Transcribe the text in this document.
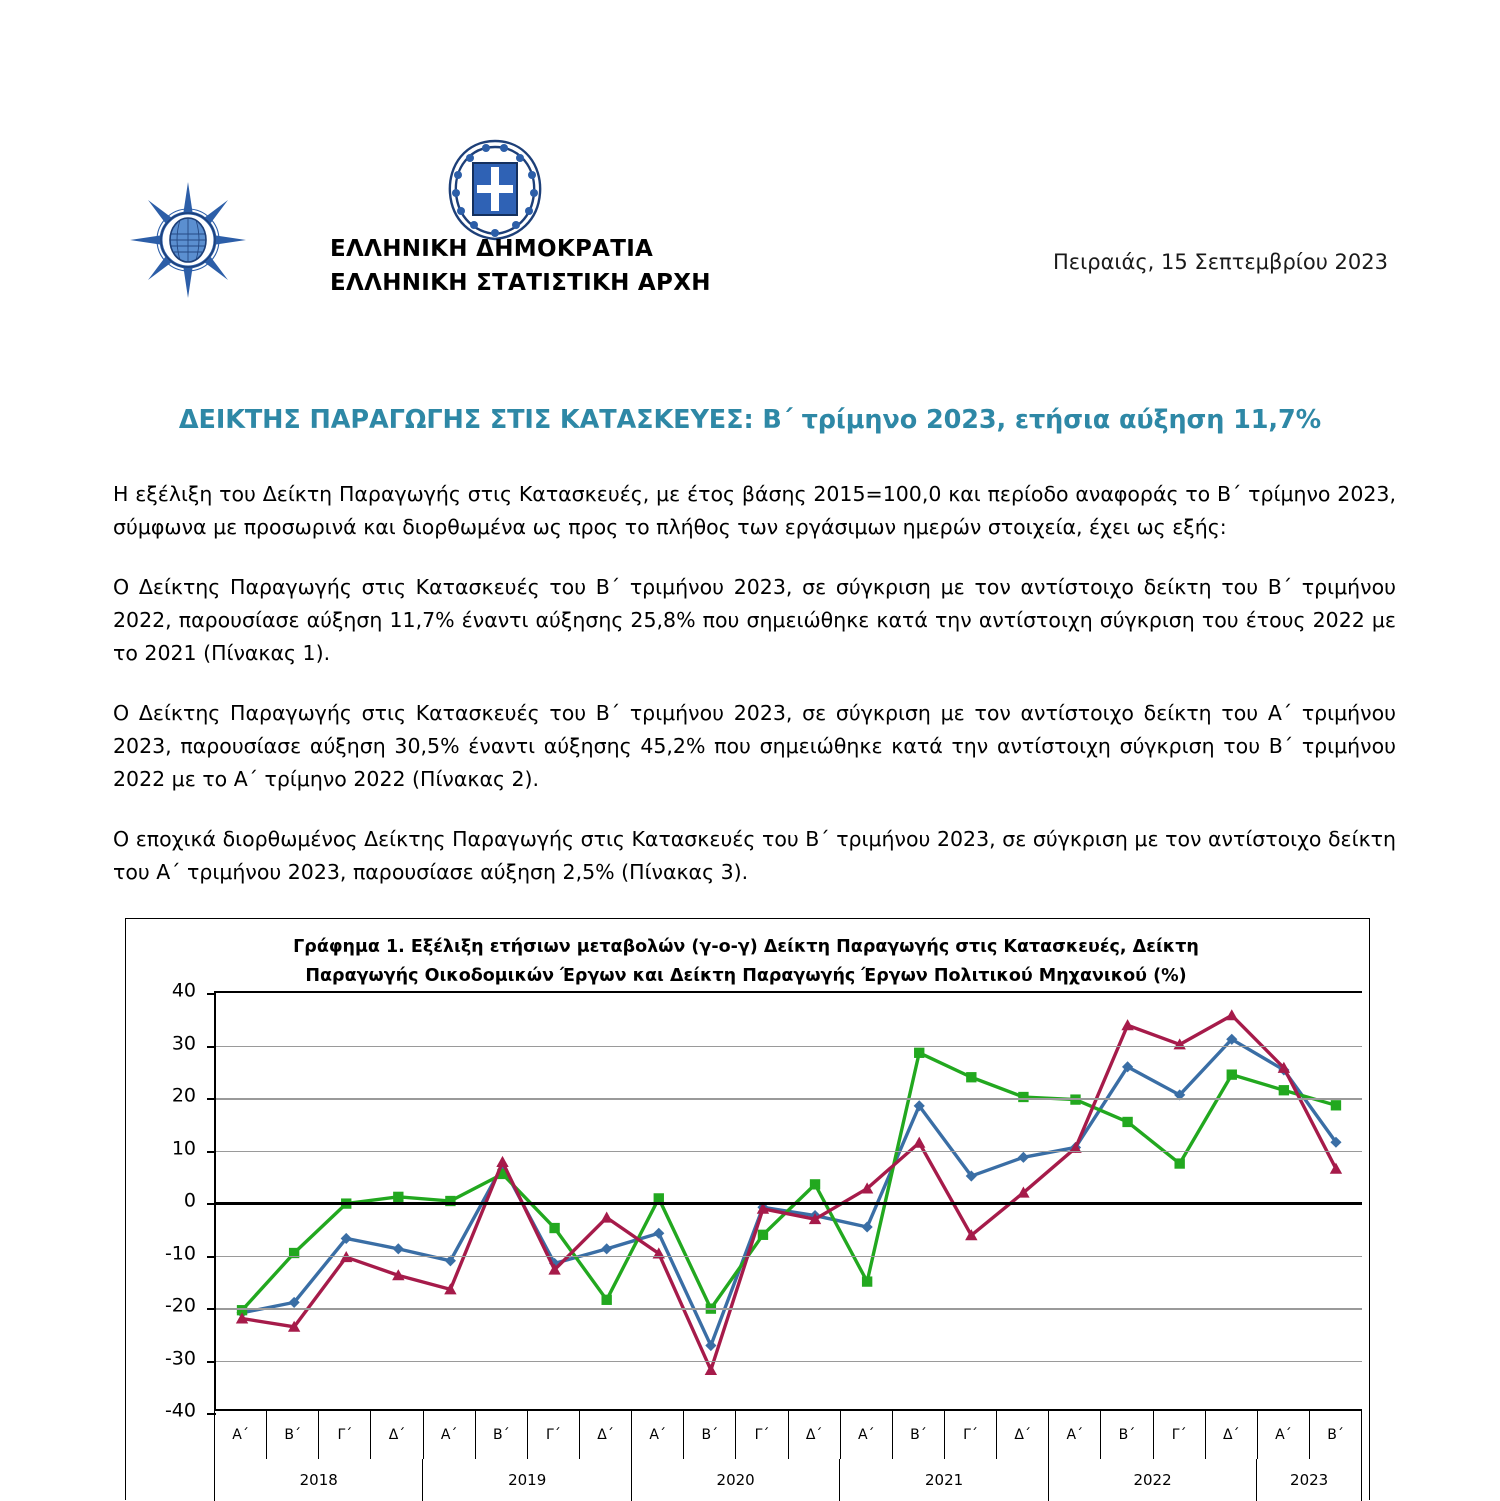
ΕΛΛΗΝΙΚΗ ΔΗΜΟΚΡΑΤΙΑ
ΕΛΛΗΝΙΚΗ ΣΤΑΤΙΣΤΙΚΗ ΑΡΧΗ
Πειραιάς, 15 Σεπτεμβρίου 2023
ΔΕΙΚΤΗΣ ΠΑΡΑΓΩΓΗΣ ΣΤΙΣ ΚΑΤΑΣΚΕΥΕΣ: Β΄ τρίμηνο 2023, ετήσια αύξηση 11,7%

Η εξέλιξη του Δείκτη Παραγωγής στις Κατασκευές, με έτος βάσης 2015=100,0 και περίοδο αναφοράς το Β΄ τρίμηνο 2023, σύμφωνα με προσωρινά και διορθωμένα ως προς το πλήθος των εργάσιμων ημερών στοιχεία, έχει ως εξής:

Ο Δείκτης Παραγωγής στις Κατασκευές του Β΄ τριμήνου 2023, σε σύγκριση με τον αντίστοιχο δείκτη του Β΄ τριμήνου 2022, παρουσίασε αύξηση 11,7% έναντι αύξησης 25,8% που σημειώθηκε κατά την αντίστοιχη σύγκριση του έτους 2022 με το 2021 (Πίνακας 1).

Ο Δείκτης Παραγωγής στις Κατασκευές του Β΄ τριμήνου 2023, σε σύγκριση με τον αντίστοιχο δείκτη του Α΄ τριμήνου 2023, παρουσίασε αύξηση 30,5% έναντι αύξησης 45,2% που σημειώθηκε κατά την αντίστοιχη σύγκριση του Β΄ τριμήνου 2022 με το Α΄ τρίμηνο 2022 (Πίνακας 2).

Ο εποχικά διορθωμένος Δείκτης Παραγωγής στις Κατασκευές του Β΄ τριμήνου 2023, σε σύγκριση με τον αντίστοιχο δείκτη του Α΄ τριμήνου 2023, παρουσίασε αύξηση 2,5% (Πίνακας 3).

Γράφημα 1. Εξέλιξη ετήσιων μεταβολών (γ-ο-γ) Δείκτη Παραγωγής στις Κατασκευές, Δείκτη
Παραγωγής Οικοδομικών Έργων και Δείκτη Παραγωγής Έργων Πολιτικού Μηχανικού (%)
40
30
20
10
0
-10
-20
-30
-40
Α΄	Β΄	Γ΄	Δ΄	Α΄	Β΄	Γ΄	Δ΄	Α΄	Β΄	Γ΄	Δ΄	Α΄	Β΄	Γ΄	Δ΄	Α΄	Β΄	Γ΄	Δ΄	Α΄	Β΄
2018	2019	2020	2021	2022	2023
